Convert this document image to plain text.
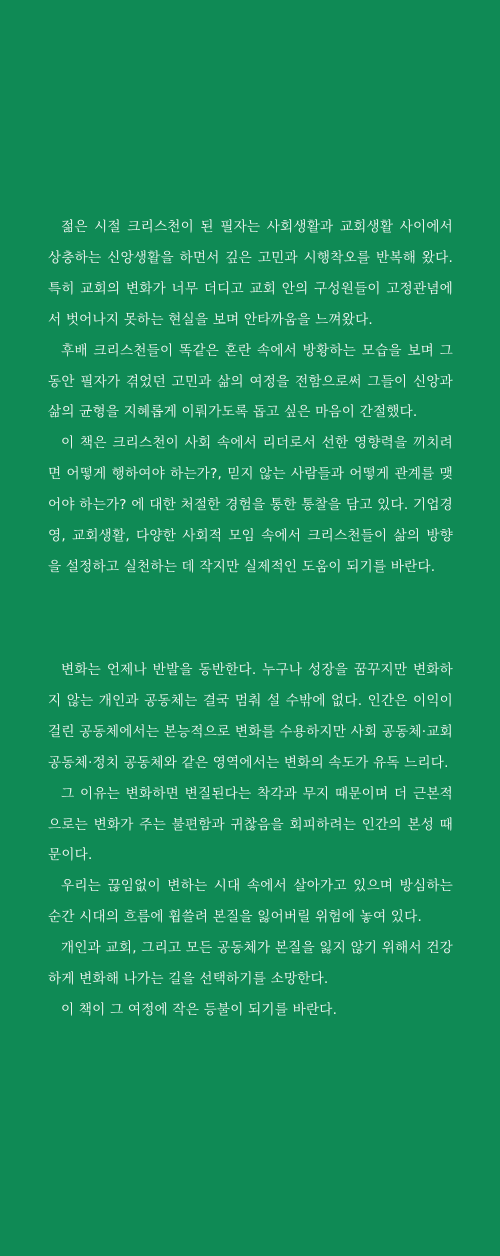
젊은 시절 크리스천이 된 필자는 사회생활과 교회생활 사이에서 상충하는 신앙생활을 하면서 깊은 고민과 시행착오를 반복해 왔다. 특히 교회의 변화가 너무 더디고 교회 안의 구성원들이 고정관념에서 벗어나지 못하는 현실을 보며 안타까움을 느껴왔다.

후배 크리스천들이 똑같은 혼란 속에서 방황하는 모습을 보며 그동안 필자가 겪었던 고민과 삶의 여정을 전함으로써 그들이 신앙과 삶의 균형을 지혜롭게 이뤄가도록 돕고 싶은 마음이 간절했다.

이 책은 크리스천이 사회 속에서 리더로서 선한 영향력을 끼치려면 어떻게 행하여야 하는가?, 믿지 않는 사람들과 어떻게 관계를 맺어야 하는가? 에 대한 처절한 경험을 통한 통찰을 담고 있다. 기업경영, 교회생활, 다양한 사회적 모임 속에서 크리스천들이 삶의 방향을 설정하고 실천하는 데 작지만 실제적인 도움이 되기를 바란다.

변화는 언제나 반발을 동반한다. 누구나 성장을 꿈꾸지만 변화하지 않는 개인과 공동체는 결국 멈춰 설 수밖에 없다. 인간은 이익이 걸린 공동체에서는 본능적으로 변화를 수용하지만 사회 공동체·교회 공동체·정치 공동체와 같은 영역에서는 변화의 속도가 유독 느리다.

그 이유는 변화하면 변질된다는 착각과 무지 때문이며 더 근본적으로는 변화가 주는 불편함과 귀찮음을 회피하려는 인간의 본성 때문이다.

우리는 끊임없이 변하는 시대 속에서 살아가고 있으며 방심하는 순간 시대의 흐름에 휩쓸려 본질을 잃어버릴 위험에 놓여 있다.

개인과 교회, 그리고 모든 공동체가 본질을 잃지 않기 위해서 건강하게 변화해 나가는 길을 선택하기를 소망한다.

이 책이 그 여정에 작은 등불이 되기를 바란다.
